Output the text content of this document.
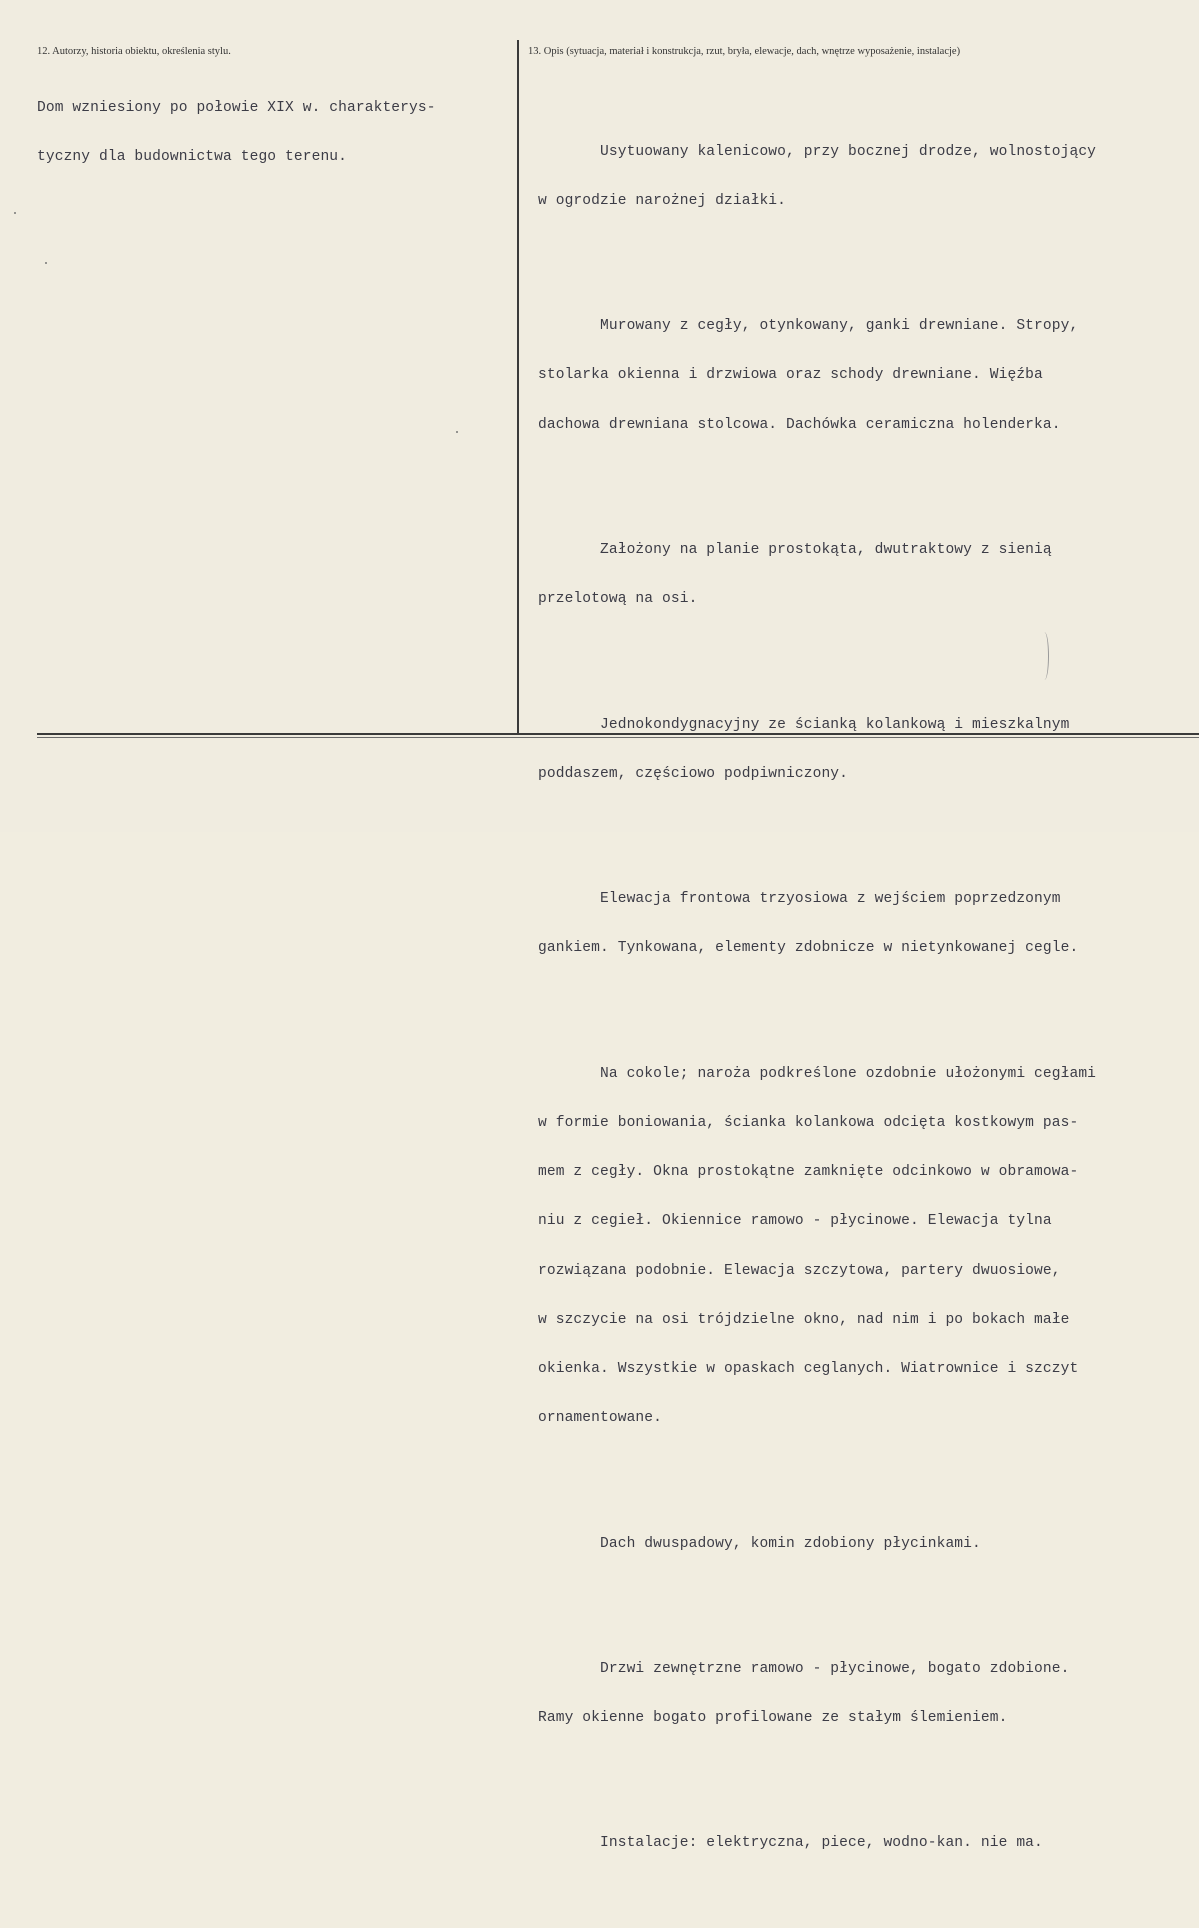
12. Autorzy, historia obiektu, określenia stylu.	13. Opis (sytuacja, materiał i konstrukcja, rzut, bryła, elewacje, dach, wnętrze wyposażenie, instalacje)

Dom wzniesiony po połowie XIX w. charakterys-

tyczny dla budownictwa tego terenu.

	Usytuowany kalenicowo, przy bocznej drodze, wolnostojący

w ogrodzie narożnej działki.

Murowany z cegły, otynkowany, ganki drewniane. Stropy,

stolarka okienna i drzwiowa oraz schody drewniane. Więźba

dachowa drewniana stolcowa. Dachówka ceramiczna holenderka.

Założony na planie prostokąta, dwutraktowy z sienią

przelotową na osi.

Jednokondygnacyjny ze ścianką kolankową i mieszkalnym

poddaszem, częściowo podpiwniczony.

Elewacja frontowa trzyosiowa z wejściem poprzedzonym

gankiem. Tynkowana, elementy zdobnicze w nietynkowanej cegle.

Na cokole; naroża podkreślone ozdobnie ułożonymi cegłami

w formie boniowania, ścianka kolankowa odcięta kostkowym pas-

mem z cegły. Okna prostokątne zamknięte odcinkowo w obramowa-

niu z cegieł. Okiennice ramowo - płycinowe. Elewacja tylna

rozwiązana podobnie. Elewacja szczytowa, partery dwuosiowe,

w szczycie na osi trójdzielne okno, nad nim i po bokach małe

okienka. Wszystkie w opaskach ceglanych. Wiatrownice i szczyt

ornamentowane.

Dach dwuspadowy, komin zdobiony płycinkami.

Drzwi zewnętrzne ramowo - płycinowe, bogato zdobione.

Ramy okienne bogato profilowane ze stałym ślemieniem.

Instalacje: elektryczna, piece, wodno-kan. nie ma.
